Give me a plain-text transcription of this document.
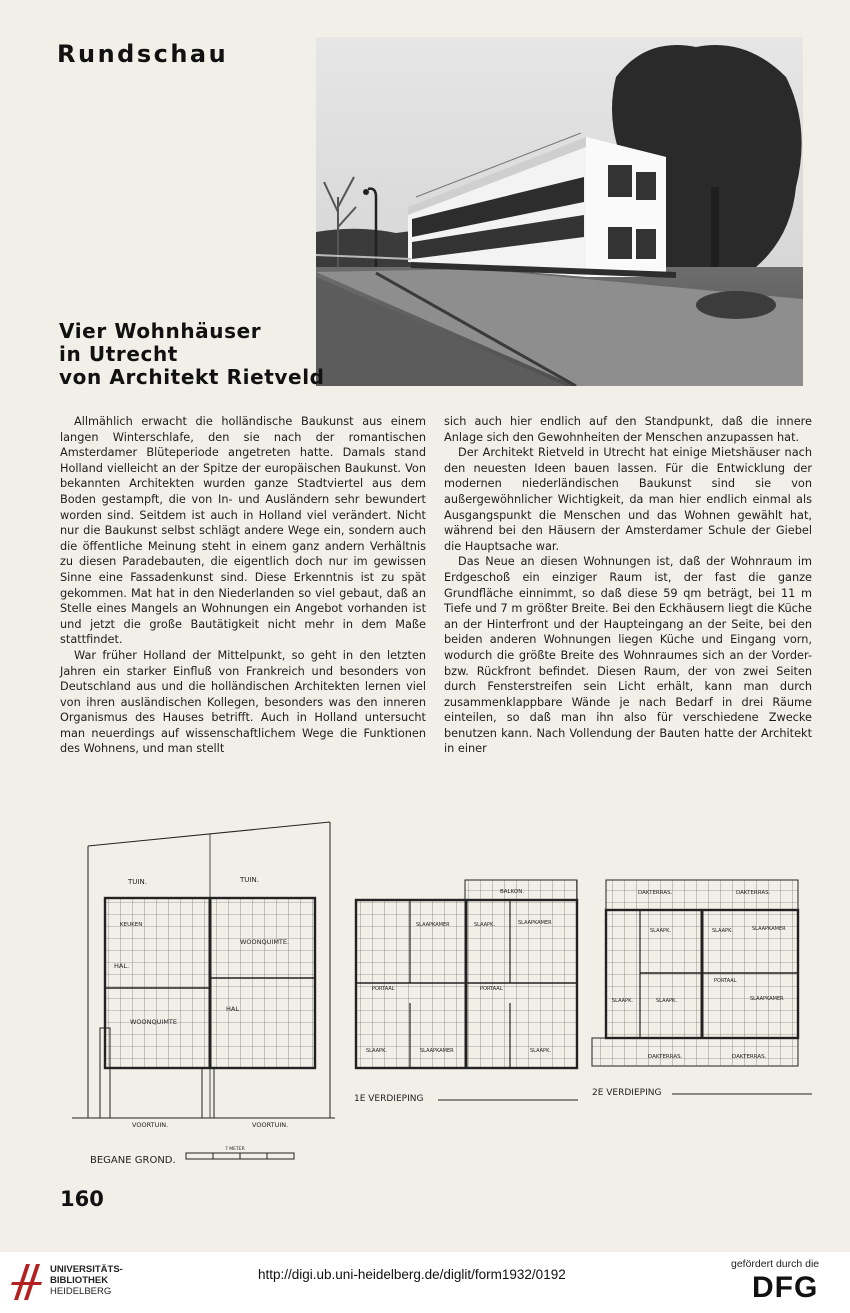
Rundschau
Vier Wohnhäuser
in Utrecht
von Architekt Rietveld

Allmählich erwacht die holländische Baukunst aus einem langen Winterschlafe, den sie nach der romantischen Amsterdamer Blüteperiode angetreten hatte. Damals stand Holland vielleicht an der Spitze der europäischen Baukunst. Von bekannten Architekten wurden ganze Stadtviertel aus dem Boden gestampft, die von In- und Ausländern sehr bewundert worden sind. Seitdem ist auch in Holland viel verändert. Nicht nur die Baukunst selbst schlägt andere Wege ein, sondern auch die öffentliche Meinung steht in einem ganz andern Verhältnis zu diesen Paradebauten, die eigentlich doch nur im gewissen Sinne eine Fassadenkunst sind. Diese Erkenntnis ist zu spät gekommen. Mat hat in den Niederlanden so viel gebaut, daß an Stelle eines Mangels an Wohnungen ein Angebot vorhanden ist und jetzt die große Bautätigkeit nicht mehr in dem Maße stattfindet.

War früher Holland der Mittelpunkt, so geht in den letzten Jahren ein starker Einfluß von Frankreich und besonders von Deutschland aus und die holländischen Architekten lernen viel von ihren ausländischen Kollegen, besonders was den inneren Organismus des Hauses betrifft. Auch in Holland untersucht man neuerdings auf wissenschaftlichem Wege die Funktionen des Wohnens, und man stellt

sich auch hier endlich auf den Standpunkt, daß die innere Anlage sich den Gewohnheiten der Menschen anzupassen hat.

Der Architekt Rietveld in Utrecht hat einige Mietshäuser nach den neuesten Ideen bauen lassen. Für die Entwicklung der modernen niederländischen Baukunst sind sie von außergewöhnlicher Wichtigkeit, da man hier endlich einmal als Ausgangspunkt die Menschen und das Wohnen gewählt hat, während bei den Häusern der Amsterdamer Schule der Giebel die Hauptsache war.

Das Neue an diesen Wohnungen ist, daß der Wohnraum im Erdgeschoß ein einziger Raum ist, der fast die ganze Grundfläche einnimmt, so daß diese 59 qm beträgt, bei 11 m Tiefe und 7 m größter Breite. Bei den Eckhäusern liegt die Küche an der Hinterfront und der Haupteingang an der Seite, bei den beiden anderen Wohnungen liegen Küche und Eingang vorn, wodurch die größte Breite des Wohnraumes sich an der Vorder- bzw. Rückfront befindet. Diesen Raum, der von zwei Seiten durch Fensterstreifen sein Licht erhält, kann man durch zusammenklappbare Wände je nach Bedarf in drei Räume einteilen, so daß man ihn also für verschiedene Zwecke benutzen kann. Nach Vollendung der Bauten hatte der Architekt in einer

TUIN.	TUIN.
WOONQUIMTE.
WOONQUIMTE
HAL.
HAL
KEUKEN
VOORTUIN.	VOORTUIN.
BEGANE GROND.
7 METER
BALKON.
SLAAPKAMER	SLAAPK.	SLAAPKAMER
PORTAAL	PORTAAL
SLAAPK.	SLAAPKAMER	SLAAPK.
1E VERDIEPING
DAKTERRAS.	DAKTERRAS.
SLAAPK.	SLAAPK.	SLAAPKAMER
PORTAAL
SLAAPK.	SLAAPK.	SLAAPKAMER
DAKTERRAS.	DAKTERRAS.
2E VERDIEPING
160
UNIVERSITÄTS-
BIBLIOTHEK
HEIDELBERG
http://digi.ub.uni-heidelberg.de/diglit/form1932/0192
gefördert durch die
DFG
